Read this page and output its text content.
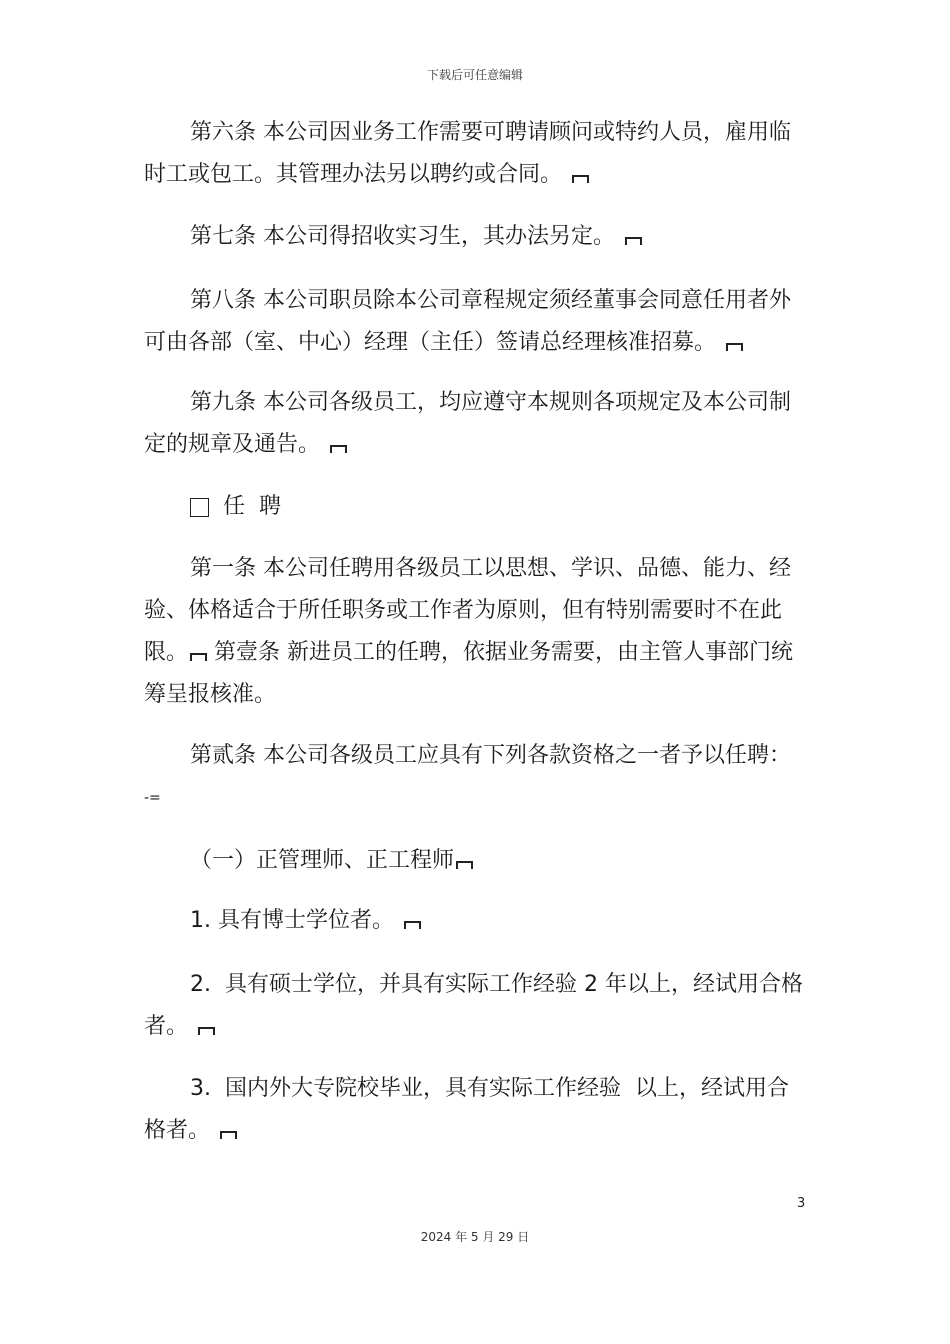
下载后可任意编辑

第六条 本公司因业务工作需要可聘请顾问或特约人员，雇用临时工或包工。其管理办法另以聘约或合同。

第七条 本公司得招收实习生，其办法另定。

第八条 本公司职员除本公司章程规定须经董事会同意任用者外可由各部（室、中心）经理（主任）签请总经理核准招募。

第九条 本公司各级员工，均应遵守本规则各项规定及本公司制定的规章及通告。

任  聘

第一条 本公司任聘用各级员工以思想、学识、品德、能力、经验、体格适合于所任职务或工作者为原则，但有特别需要时不在此限。 第壹条 新进员工的任聘，依据业务需要，由主管人事部门统筹呈报核准。

第贰条 本公司各级员工应具有下列各款资格之一者予以任聘：

-=

（一）正管理师、正工程师

1. 具有博士学位者。

2.  具有硕士学位，并具有实际工作经验 2 年以上，经试用合格者。

3.  国内外大专院校毕业，具有实际工作经验  以上，经试用合格者。

3
2024 年 5 月 29 日
